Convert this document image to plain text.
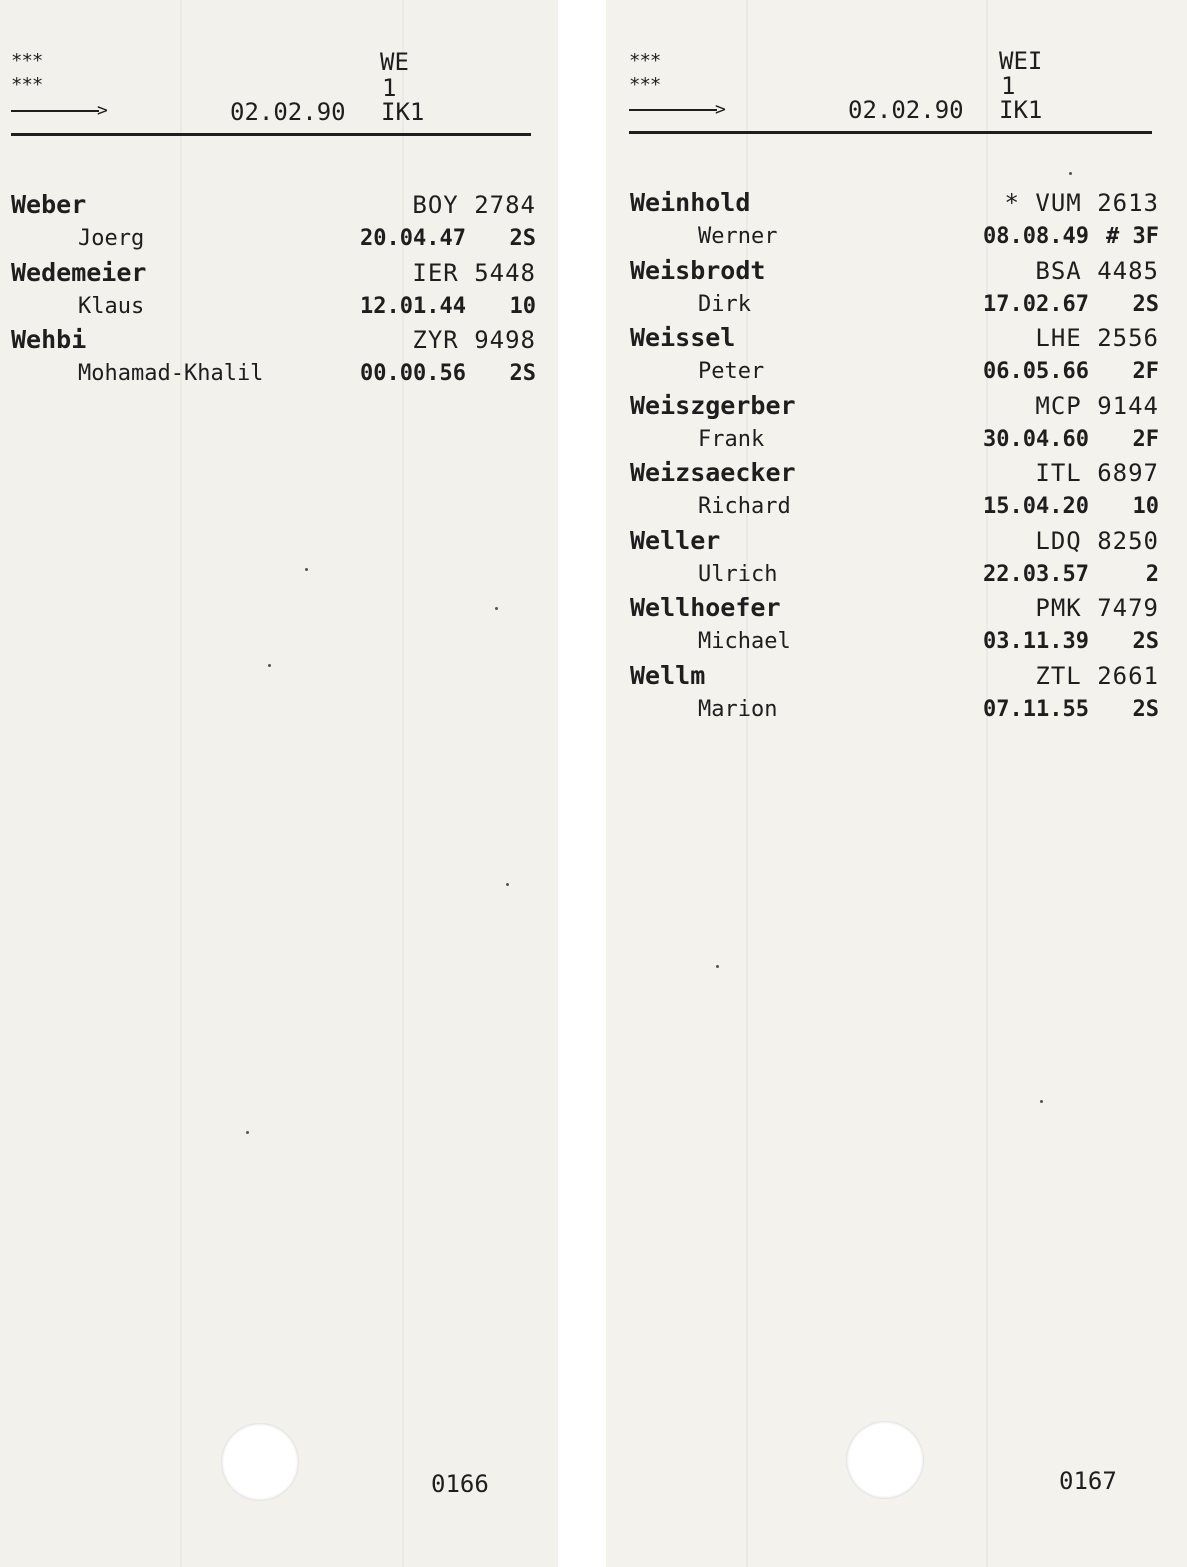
***
***
WE
1
>	02.02.90 IK1
Weber	BOY 2784
Joerg	20.04.47 2S
Wedemeier	IER 5448
Klaus	12.01.44 10
Wehbi	ZYR 9498
Mohamad-Khalil	00.00.56 2S
0166
***
***
WEI
1
>	02.02.90 IK1
Weinhold	* VUM 2613
Werner	08.08.49 # 3F
Weisbrodt	BSA 4485
Dirk	17.02.67 2S
Weissel	LHE 2556
Peter	06.05.66 2F
Weiszgerber	MCP 9144
Frank	30.04.60 2F
Weizsaecker	ITL 6897
Richard	15.04.20 10
Weller	LDQ 8250
Ulrich	22.03.57	2
Wellhoefer	PMK 7479
Michael	03.11.39 2S
Wellm	ZTL 2661
Marion	07.11.55 2S
0167
